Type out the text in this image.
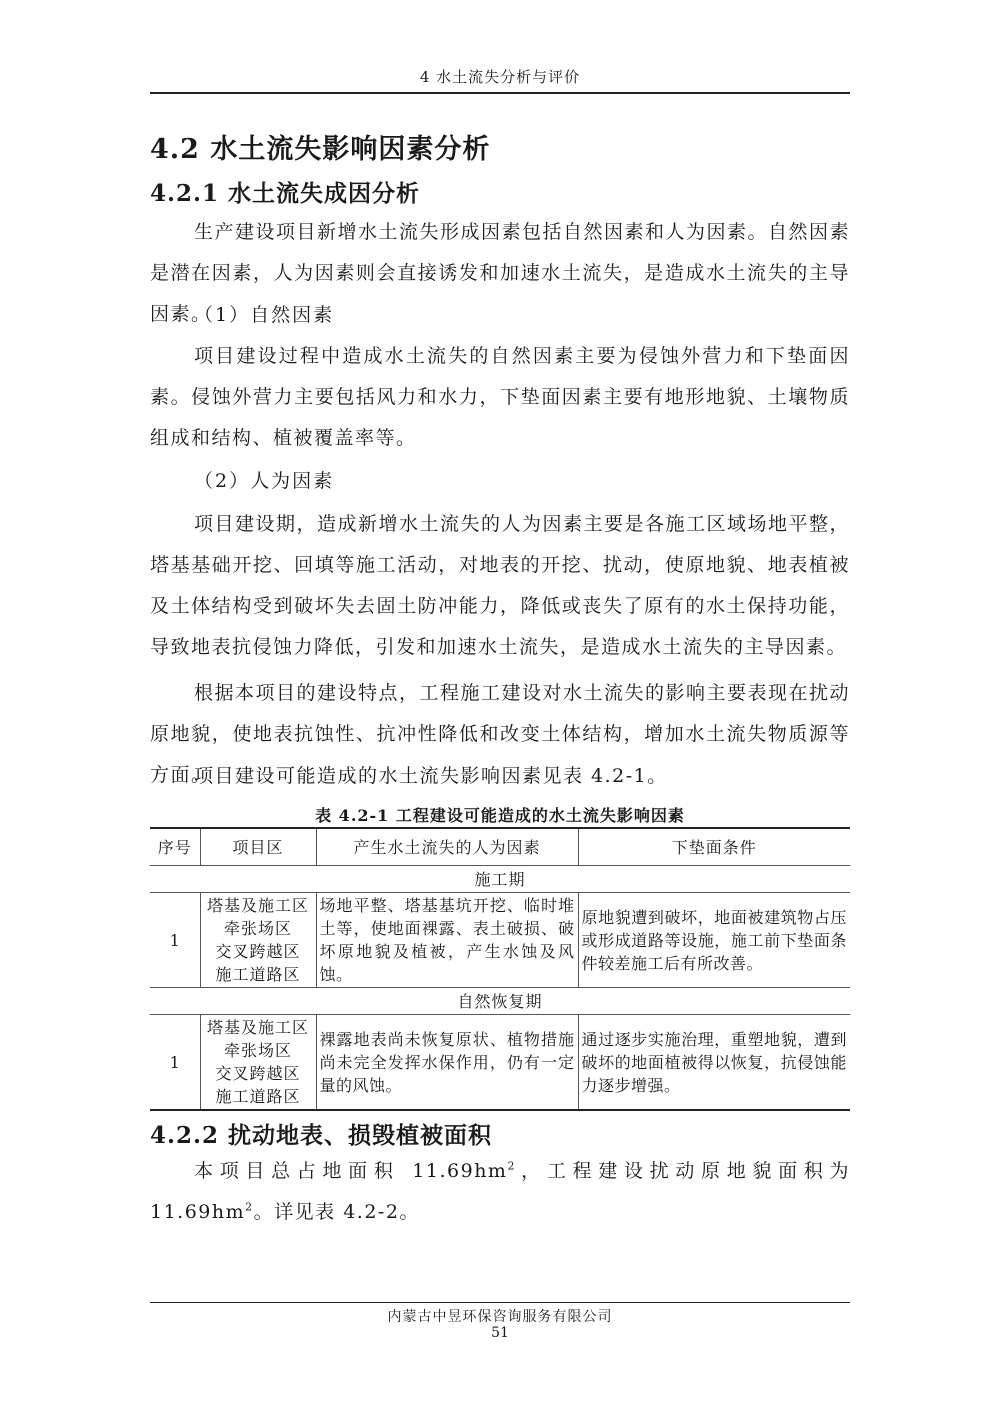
4 水土流失分析与评价
4.2 水土流失影响因素分析
4.2.1 水土流失成因分析

生产建设项目新增水土流失形成因素包括自然因素和人为因素。自然因素是潜在因素，人为因素则会直接诱发和加速水土流失，是造成水土流失的主导因素。

（1）自然因素

项目建设过程中造成水土流失的自然因素主要为侵蚀外营力和下垫面因素。侵蚀外营力主要包括风力和水力，下垫面因素主要有地形地貌、土壤物质组成和结构、植被覆盖率等。

（2）人为因素

项目建设期，造成新增水土流失的人为因素主要是各施工区域场地平整，塔基基础开挖、回填等施工活动，对地表的开挖、扰动，使原地貌、地表植被及土体结构受到破坏失去固土防冲能力，降低或丧失了原有的水土保持功能，导致地表抗侵蚀力降低，引发和加速水土流失，是造成水土流失的主导因素。

根据本项目的建设特点，工程施工建设对水土流失的影响主要表现在扰动原地貌，使地表抗蚀性、抗冲性降低和改变土体结构，增加水土流失物质源等方面。

项目建设可能造成的水土流失影响因素见表 4.2-1。

表 4.2-1 工程建设可能造成的水土流失影响因素
序号	项目区	产生水土流失的人为因素	下垫面条件
施工期			
1	塔基及施工区
牵张场区
交叉跨越区
施工道路区	场地平整、塔基基坑开挖、临时堆土等，使地面裸露、表土破损、破坏原地貌及植被，产生水蚀及风蚀。	原地貌遭到破坏，地面被建筑物占压或形成道路等设施，施工前下垫面条件较差施工后有所改善。
自然恢复期			
1	塔基及施工区
牵张场区
交叉跨越区
施工道路区	裸露地表尚未恢复原状、植物措施尚未完全发挥水保作用，仍有一定量的风蚀。	通过逐步实施治理，重塑地貌，遭到破坏的地面植被得以恢复，抗侵蚀能力逐步增强。
4.2.2 扰动地表、损毁植被面积

本项目总占地面积 $11.69hm^2$，工程建设扰动原地貌面积为 $11.69hm^2$。详见表 4.2-2。

内蒙古中昱环保咨询服务有限公司
51
